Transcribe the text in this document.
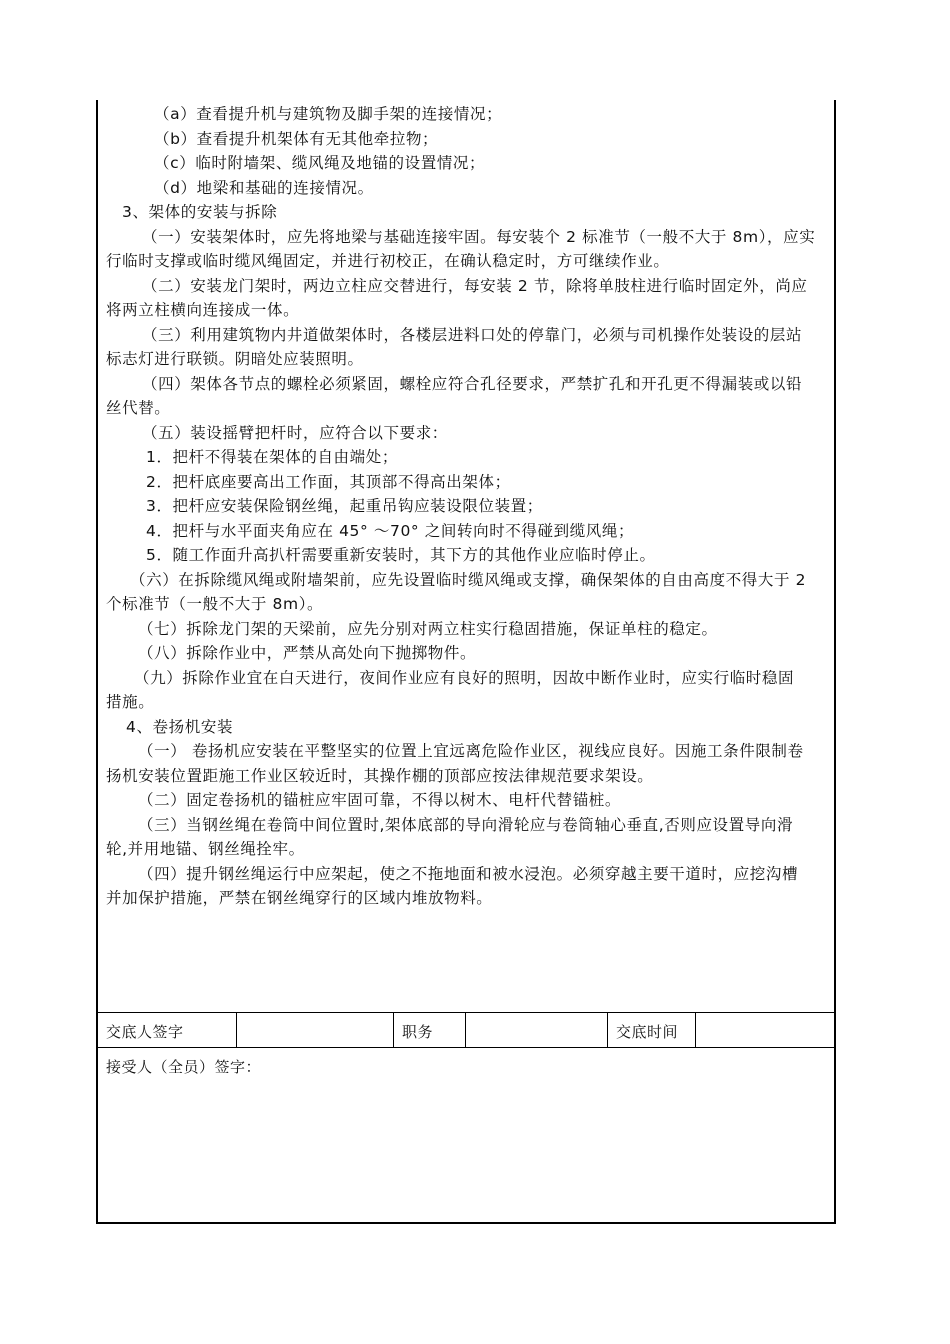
（a）查看提升机与建筑物及脚手架的连接情况；
（b）查看提升机架体有无其他牵拉物；
（c）临时附墙架、缆风绳及地锚的设置情况；
（d）地梁和基础的连接情况。
3、架体的安装与拆除
（一）安装架体时，应先将地梁与基础连接牢固。每安装个 2 标准节（一般不大于 8m），应实
行临时支撑或临时缆风绳固定，并进行初校正，在确认稳定时，方可继续作业。
（二）安装龙门架时，两边立柱应交替进行，每安装 2 节，除将单肢柱进行临时固定外，尚应
将两立柱横向连接成一体。
（三）利用建筑物内井道做架体时，各楼层进料口处的停靠门，必须与司机操作处装设的层站
标志灯进行联锁。阴暗处应装照明。
（四）架体各节点的螺栓必须紧固，螺栓应符合孔径要求，严禁扩孔和开孔更不得漏装或以铅
丝代替。
（五）装设摇臂把杆时，应符合以下要求：
1．把杆不得装在架体的自由端处；
2．把杆底座要高出工作面，其顶部不得高出架体；
3．把杆应安装保险钢丝绳，起重吊钩应装设限位装置；
4．把杆与水平面夹角应在 45° ～70° 之间转向时不得碰到缆风绳；
5．随工作面升高扒杆需要重新安装时，其下方的其他作业应临时停止。
（六）在拆除缆风绳或附墙架前，应先设置临时缆风绳或支撑，确保架体的自由高度不得大于 2
个标准节（一般不大于 8m）。
（七）拆除龙门架的天梁前，应先分别对两立柱实行稳固措施，保证单柱的稳定。
（八）拆除作业中，严禁从高处向下抛掷物件。
（九）拆除作业宜在白天进行，夜间作业应有良好的照明，因故中断作业时，应实行临时稳固
措施。
4、卷扬机安装
（一） 卷扬机应安装在平整坚实的位置上宜远离危险作业区，视线应良好。因施工条件限制卷
扬机安装位置距施工作业区较近时，其操作棚的顶部应按法律规范要求架设。
（二）固定卷扬机的锚桩应牢固可靠，不得以树木、电杆代替锚桩。
（三）当钢丝绳在卷筒中间位置时,架体底部的导向滑轮应与卷筒轴心垂直,否则应设置导向滑
轮,并用地锚、钢丝绳拴牢。
（四）提升钢丝绳运行中应架起，使之不拖地面和被水浸泡。必须穿越主要干道时，应挖沟槽
并加保护措施，严禁在钢丝绳穿行的区域内堆放物料。
交底人签字	职务	交底时间
接受人（全员）签字：
